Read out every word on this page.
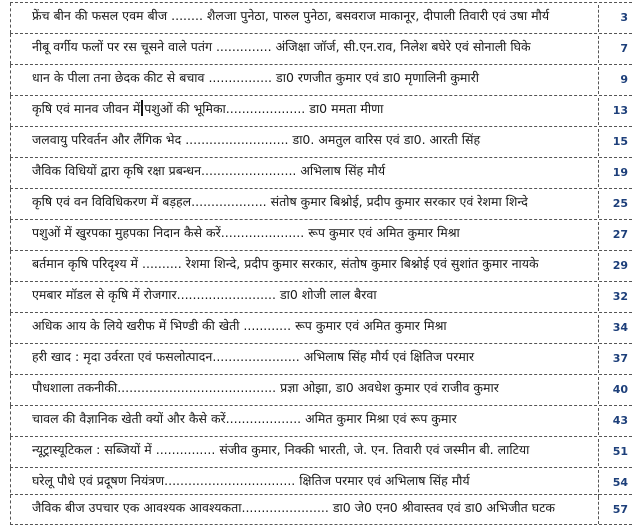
फ्रेंच बीन की फसल एवम बीज ........ शैलजा पुनेठा, पारुल पुनेठा, बसवराज माकानूर, दीपाली तिवारी एवं उषा मौर्य	3
नीबू वर्गीय फलों पर रस चूसने वाले पतंग .............. अंजिक्षा जॉर्ज, सी.एन.राव, निलेश बघेरे एवं सोनाली घिके	7
धान के पीला तना छेदक कीट से बचाव ................ डा0 रणजीत कुमार एवं डा0 मृणालिनी कुमारी	9
कृषि एवं मानव जीवन में पशुओं की भूमिका.................... डा0 ममता मीणा	13
जलवायु परिवर्तन और लैंगिक भेद .......................... डा0. अमतुल वारिस एवं डा0. आरती सिंह	15
जैविक विधियों द्वारा कृषि रक्षा प्रबन्धन........................ अभिलाष सिंह मौर्य	19
कृषि एवं वन विविधिकरण में बड़हल................... संतोष कुमार बिश्नोई, प्रदीप कुमार सरकार एवं रेशमा शिन्दे	25
पशुओं में खुरपका मुहपका निदान कैसे करें..................... रूप कुमार एवं अमित कुमार मिश्रा	27
बर्तमान कृषि परिदृश्य में .......... रेशमा शिन्दे, प्रदीप कुमार सरकार, संतोष कुमार बिश्नोई एवं सुशांत कुमार नायके	29
एमबार मॉडल से कृषि में रोजगार......................... डा0 शोजी लाल बैरवा	32
अधिक आय के लिये खरीफ में भिण्डी की खेती ............ रूप कुमार एवं अमित कुमार मिश्रा	34
हरी खाद : मृदा उर्वरता एवं फसलोत्पादन...................... अभिलाष सिंह मौर्य एवं क्षितिज परमार	37
पौधशाला तकनीकी........................................ प्रज्ञा ओझा, डा0 अवधेश कुमार एवं राजीव कुमार	40
चावल की वैज्ञानिक खेती क्यों और कैसे करें................... अमित कुमार मिश्रा एवं रूप कुमार	43
न्यूट्रास्यूटिकल : सब्जियों में ............... संजीव कुमार, निक्की भारती, जे. एन. तिवारी एवं जस्मीन बी. लाटिया	51
घरेलू पौधे एवं प्रदूषण नियंत्रण................................. क्षितिज परमार एवं अभिलाष सिंह मौर्य	54
जैविक बीज उपचार एक आवश्यक आवश्यकता...................... डा0 जे0 एन0 श्रीवास्तव एवं डा0 अभिजीत घटक	57
